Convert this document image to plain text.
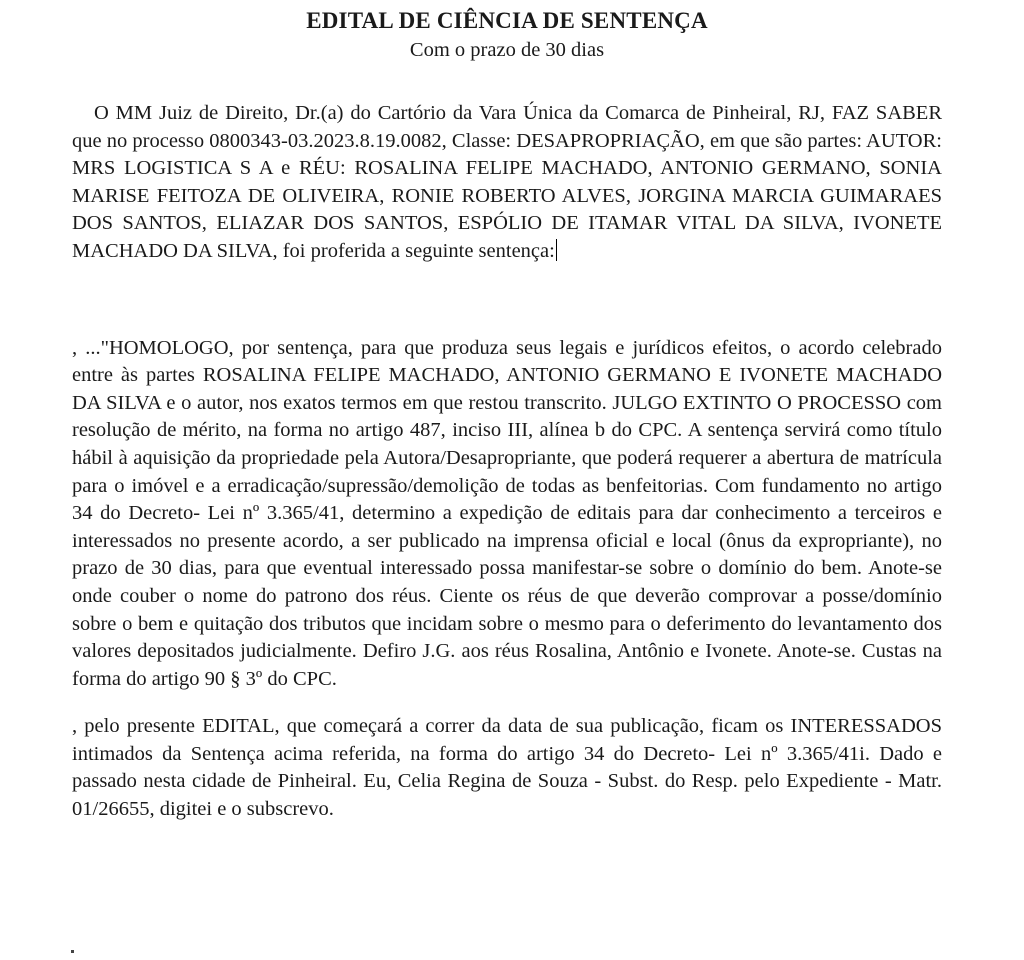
EDITAL DE CIÊNCIA DE SENTENÇA

Com o prazo de 30 dias

O MM Juiz de Direito, Dr.(a) do Cartório da Vara Única da Comarca de Pinheiral, RJ, FAZ SABER que no processo 0800343-03.2023.8.19.0082, Classe: DESAPROPRIAÇÃO, em que são partes: AUTOR: MRS LOGISTICA S A e RÉU: ROSALINA FELIPE MACHADO, ANTONIO GERMANO, SONIA MARISE FEITOZA DE OLIVEIRA, RONIE ROBERTO ALVES, JORGINA MARCIA GUIMARAES DOS SANTOS, ELIAZAR DOS SANTOS, ESPÓLIO DE ITAMAR VITAL DA SILVA, IVONETE MACHADO DA SILVA, foi proferida a seguinte sentença:

, ..."HOMOLOGO, por sentença, para que produza seus legais e jurídicos efeitos, o acordo celebrado entre às partes ROSALINA FELIPE MACHADO, ANTONIO GERMANO E IVONETE MACHADO DA SILVA e o autor, nos exatos termos em que restou transcrito. JULGO EXTINTO O PROCESSO com resolução de mérito, na forma no artigo 487, inciso III, alínea b do CPC. A sentença servirá como título hábil à aquisição da propriedade pela Autora/Desapropriante, que poderá requerer a abertura de matrícula para o imóvel e a erradicação/supressão/demolição de todas as benfeitorias. Com fundamento no artigo 34 do Decreto- Lei nº 3.365/41, determino a expedição de editais para dar conhecimento a terceiros e interessados no presente acordo, a ser publicado na imprensa oficial e local (ônus da expropriante), no prazo de 30 dias, para que eventual interessado possa manifestar-se sobre o domínio do bem. Anote-se onde couber o nome do patrono dos réus. Ciente os réus de que deverão comprovar a posse/domínio sobre o bem e quitação dos tributos que incidam sobre o mesmo para o deferimento do levantamento dos valores depositados judicialmente. Defiro J.G. aos réus Rosalina, Antônio e Ivonete. Anote-se. Custas na forma do artigo 90 § 3º do CPC.

, pelo presente EDITAL, que começará a correr da data de sua publicação, ficam os INTERESSADOS intimados da Sentença acima referida, na forma do artigo 34 do Decreto- Lei nº 3.365/41i. Dado e passado nesta cidade de Pinheiral. Eu, Celia Regina de Souza - Subst. do Resp. pelo Expediente - Matr. 01/26655, digitei e o subscrevo.
